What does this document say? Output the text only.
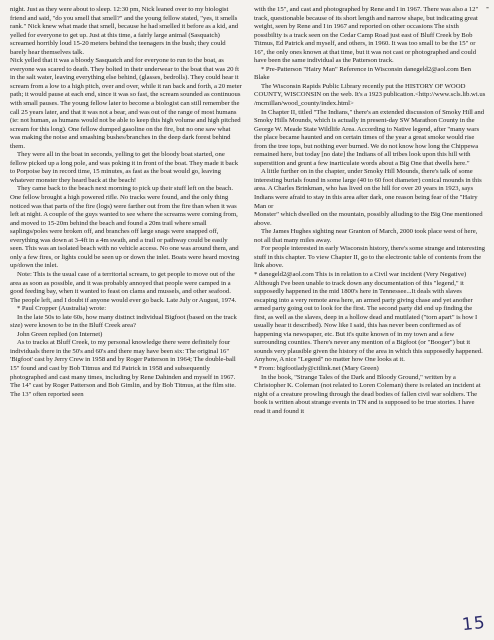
-

night. Just as they were about to sleep. 12:30 pm, Nick leaned over to my biologist friend and said, "do you smell that smell?" and the young fellow stated, "yes, it smells rank." Nick knew what made that smell, because he had smelled it before as a kid, and yelled for everyone to get up. Just at this time, a fairly large animal (Sasquatch) screamed horribly loud 15-20 meters behind the teenagers in the bush; they could barely hear themselves talk.

Nick yelled that it was a bloody Sasquatch and for everyone to run to the boat, as everyone was scared to death. They bolted in their underwear to the boat that was 20 ft in the salt water, leaving everything else behind, (glasses, bedrolls). They could hear it scream from a low to a high pitch, over and over, while it ran back and forth, a 20 meter path; it would pause at each end, since it was so fast, the scream sounded as continuous with small pauses. The young fellow later to become a biologist can still remember the call 25 years later, and that it was not a bear, and was out of the range of most humans (ie: not human, as humans would not be able to keep this high volume and high pitched scream for this long). One fellow dumped gasoline on the fire, but no one saw what was making the noise and smashing bushes/branches in the deep dark forest behind them.

They were all in the boat in seconds, yelling to get the bloody boat started, one fellow picked up a long pole, and was poking it in front of the boat. They made it back to Porpoise bay in record time, 15 minutes, as fast as the boat would go, leaving whatever monster they heard back at the beach!

They came back to the beach next morning to pick up their stuff left on the beach. One fellow brought a high powered rifle. No tracks were found, and the only thing noticed was that parts of the fire (logs) were farther out from the fire than when it was left at night. A couple of the guys wanted to see where the screams were coming from, and moved to 15-20m behind the beach and found a 20m trail where small saplings/poles were broken off, and branches off large snags were snapped off, everything was down at 3-4ft in a 4m swath, and a trail or pathway could be easily seen. This was an isolated beach with no vehicle access. No one was around them, and only a few fires, or lights could be seen up or down the inlet. Boats were heard moving up/down the inlet.

Note: This is the usual case of a territorial scream, to get people to move out of the area as soon as possible, and it was probably annoyed that people were camped in a good feeding bay, when it wanted to feast on clams and mussels, and other seafood. The people left, and I doubt if anyone would ever go back. Late July or August, 1974.

* Paul Cropper (Australia) wrote:

In the late 50s to late 60s, how many distinct individual Bigfoot (based on the track size) were known to be in the Bluff Creek area?

John Green replied (on Internet)

As to tracks at Bluff Creek, to my personal knowledge there were definitely four individuals there in the 50's and 60's and there may have been six: The original 16" 'Bigfoot' cast by Jerry Crew in 1958 and by Roger Patterson in 1964; The double-ball 15" found and cast by Bob Titmus and Ed Patrick in 1958 and subsequently photographed and cast many times, including by Rene Dahinden and myself in 1967. The 14" cast by Roger Patterson and Bob Gimlin, and by Bob Titmus, at the film site. The 13" often reported seen

with the 15", and cast and photographed by Rene and I in 1967. There was also a 12" track, questionable because of its short length and narrow shape, but indicating great weight, seen by Rene and I in 1967 and reported on other occasions The sixth possibility is a track seen on the Cedar Camp Road just east of Bluff Creek by Bob Titmus, Ed Patrick and myself, and others, in 1960. It was too small to be the 15" or 16", the only ones known at that time, but it was not cast or photographed and could have been the same individual as the Patterson track.

* Pre-Patterson "Hairy Man" Reference in Wisconsin danegeld2@aol.com Ben Blake

The Wisconsin Rapids Public Library recently put the HISTORY OF WOOD COUNTY, WISCONSIN on the web. It's a 1923 publication.<http://www.scls.lib.wi.us /mcmillan/wood_county/index.html>

In Chapter II, titled "The Indians," there's an extended discussion of Smoky Hill and Smoky Hills Mounds, which is actually in present-day SW Marathon County in the George W. Meade State Wildlife Area. According to Native legend, after "many wars the place became haunted and on certain times of the year a great smoke would rise from the tree tops, but nothing ever burned. We do not know how long the Chippewa remained here, but today [no date] the Indians of all tribes look upon this hill with superstition and grunt a few inarticulate words about a Big One that dwells here."

A little further on in the chapter, under Smoky Hill Mounds, there's talk of some interesting burials found in some large (40 to 60 foot diameter) conical mounds in this area. A Charles Brinkman, who has lived on the hill for over 20 years in 1923, says Indians were afraid to stay in this area after dark, one reason being fear of the "Hairy Man or

Monster" which dwelled on the mountain, possibly alluding to the Big One mentioned above.

The James Hughes sighting near Granton of March, 2000 took place west of here, not all that many miles away.

For people interested in early Wisconsin history, there's some strange and interesting stuff in this chapter. To view Chapter II, go to the electronic table of contents from the link above.

* danegeld2@aol.com This is in relation to a Civil war incident (Very Negative) Although I've been unable to track down any documentation of this "legend," it supposedly happened in the mid 1800's here in Tennessee...It deals with slaves escaping into a very remote area here, an armed party giving chase and yet another armed party going out to look for the first. The second party did end up finding the first, as well as the slaves, deep in a hollow dead and mutilated ("torn apart" is how I usually hear it described). Now like I said, this has never been confirmed as of happening via newspaper, etc. But it's quite known of in my town and a few surrounding counties. There's never any mention of a Bigfoot (or "Booger") but it sounds very plausible given the history of the area in which this supposedly happened. Anyhow, A nice "Legend" no matter how One looks at it.

* From: bigfootlady@citlink.net (Mary Green)

In the book, "Strange Tales of the Dark and Bloody Ground," written by a Christopher K. Coleman (not related to Loren Coleman) there is related an incident at night of a creature prowling through the dead bodies of fallen civil war soldiers. The book is written about strange events in TN and is supposed to be true stories. I have read it and found it

15
